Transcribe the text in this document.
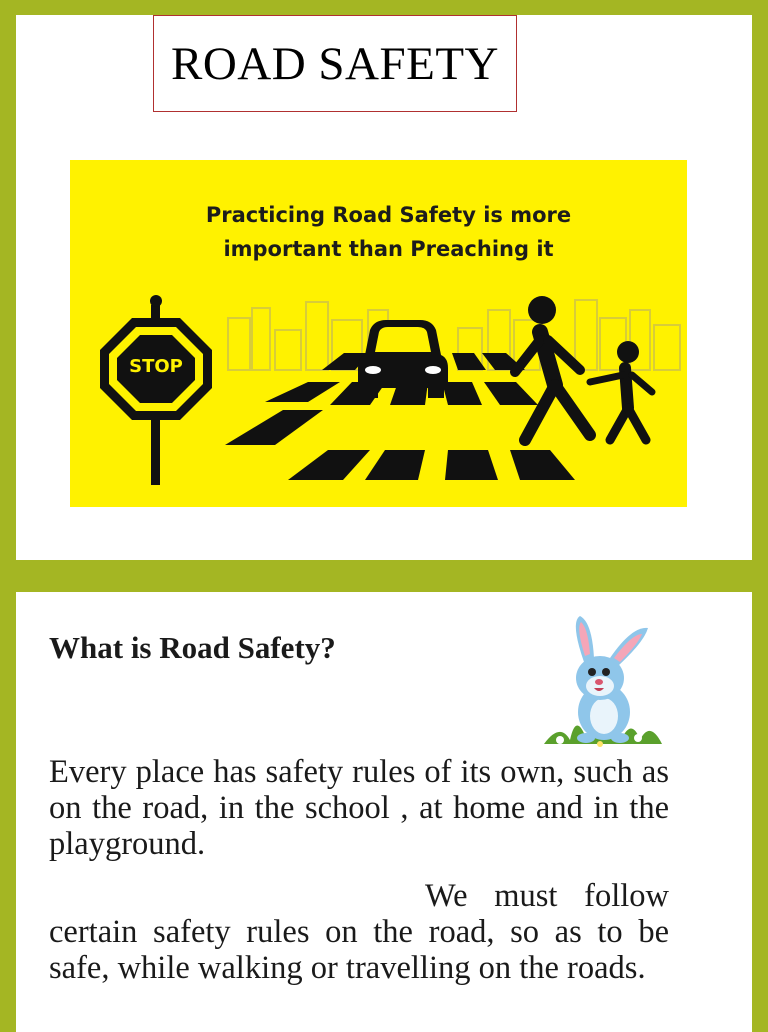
ROAD SAFETY
Practicing Road Safety is more
important than Preaching it
STOP
What is Road Safety?
Every place has safety rules of its own, such as on the road, in the school , at home and in the playground.
We must follow certain safety rules on the road, so as to be safe, while walking or travelling on the roads.
